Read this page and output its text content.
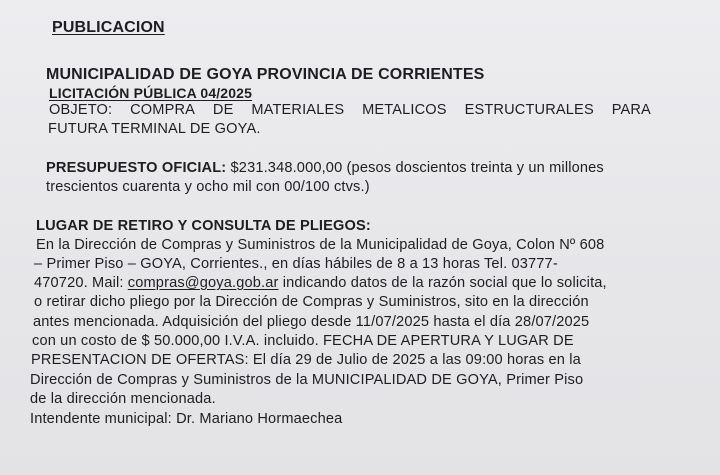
PUBLICACION
MUNICIPALIDAD DE GOYA PROVINCIA DE CORRIENTES
LICITACIÓN PÚBLICA 04/2025
OBJETO: COMPRA DE MATERIALES METALICOS ESTRUCTURALES PARA
FUTURA TERMINAL DE GOYA.
PRESUPUESTO OFICIAL: $231.348.000,00 (pesos doscientos treinta y un millones
trescientos cuarenta y ocho mil con 00/100 ctvs.)
LUGAR DE RETIRO Y CONSULTA DE PLIEGOS:
En la Dirección de Compras y Suministros de la Municipalidad de Goya, Colon Nº 608
– Primer Piso – GOYA, Corrientes., en días hábiles de 8 a 13 horas Tel. 03777-
470720. Mail: compras@goya.gob.ar indicando datos de la razón social que lo solicita,
o retirar dicho pliego por la Dirección de Compras y Suministros, sito en la dirección
antes mencionada. Adquisición del pliego desde 11/07/2025 hasta el día 28/07/2025
con un costo de $ 50.000,00 I.V.A. incluido. FECHA DE APERTURA Y LUGAR DE
PRESENTACION DE OFERTAS: El día 29 de Julio de 2025 a las 09:00 horas en la
Dirección de Compras y Suministros de la MUNICIPALIDAD DE GOYA, Primer Piso
de la dirección mencionada.
Intendente municipal: Dr. Mariano Hormaechea
